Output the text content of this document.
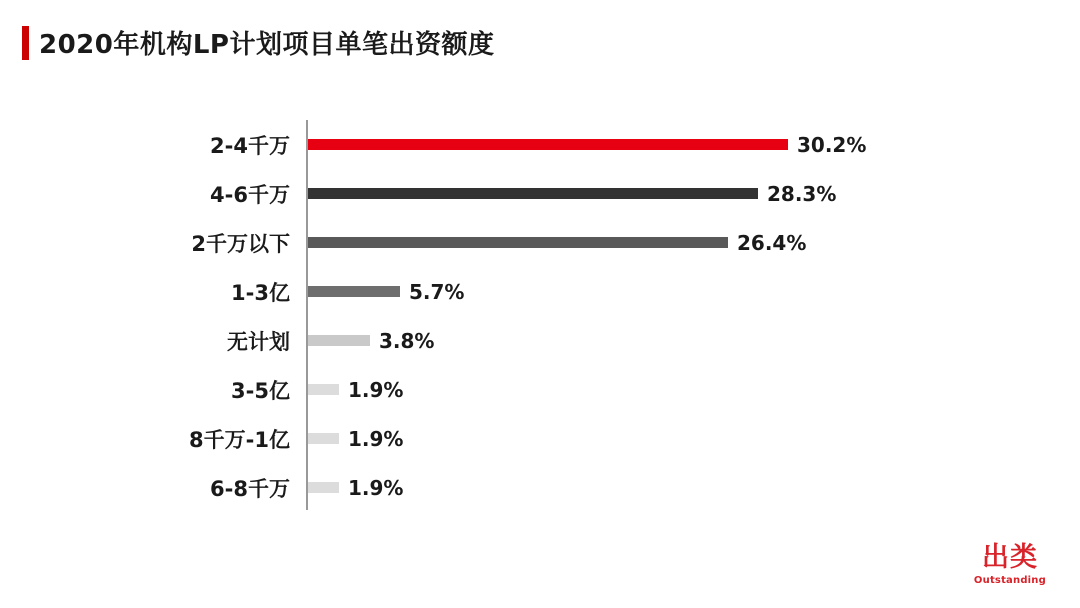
2020年机构LP计划项目单笔出资额度
2-4千万	30.2%
4-6千万	28.3%
2千万以下	26.4%
1-3亿	5.7%
无计划	3.8%
3-5亿	1.9%
8千万-1亿	1.9%
6-8千万	1.9%
出类
Outstanding
